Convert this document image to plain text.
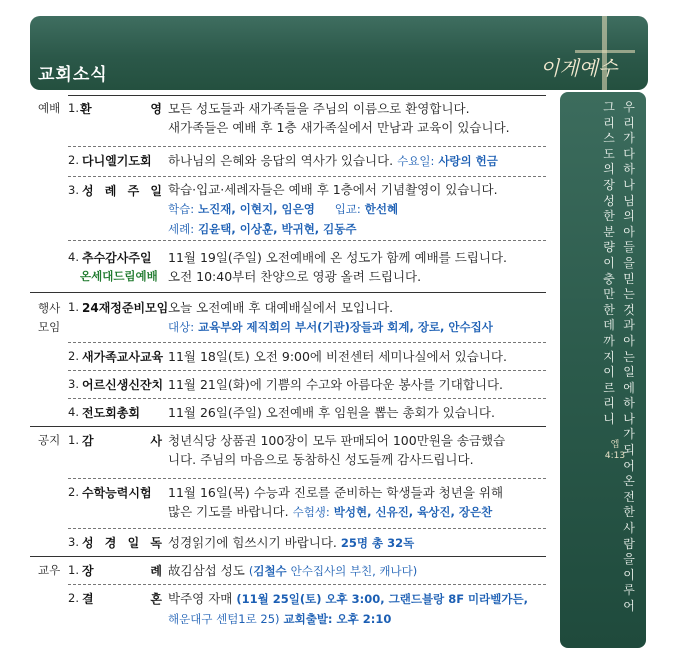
교회소식	이게예수
우리가다하나님의아들을믿는것과아는일에하나가되어온전한사람을이루어
그리스도의장성한분량이충만한데까지이르리니
엡4:13
예배
행사
모임
공지
교우
1. 환 영 모든 성도들과 새가족들을 주님의 이름으로 환영합니다.
새가족들은 예배 후 1층 새가족실에서 만남과 교육이 있습니다.
2. 다니엘기도회 하나님의 은혜와 응답의 역사가 있습니다. 수요일: 사랑의 헌금
3. 성 례 주 일 학습·입교·세례자들은 예배 후 1층에서 기념촬영이 있습니다.
학습: 노진재, 이현지, 임은영 입교: 한선혜
세례: 김윤택, 이상훈, 박귀현, 김동주
4. 추수감사주일
온세대드림예배
11월 19일(주일) 오전예배에 온 성도가 함께 예배를 드립니다.
오전 10:40부터 찬양으로 영광 올려 드립니다.
1. 24재정준비모임 오늘 오전예배 후 대예배실에서 모입니다.
대상: 교육부와 제직회의 부서(기관)장들과 회계, 장로, 안수집사
2. 새가족교사교육 11월 18일(토) 오전 9:00에 비전센터 세미나실에서 있습니다.
3. 어르신생신잔치 11월 21일(화)에 기쁨의 수고와 아름다운 봉사를 기대합니다.
4. 전도회총회	11월 26일(주일) 오전예배 후 임원을 뽑는 총회가 있습니다.
1. 감 사 청년식당 상품권 100장이 모두 판매되어 100만원을 송금했습
니다. 주님의 마음으로 동참하신 성도들께 감사드립니다.
2. 수학능력시험 11월 16일(목) 수능과 진로를 준비하는 학생들과 청년을 위해
많은 기도를 바랍니다. 수험생: 박성현, 신유진, 육상진, 장은찬
3. 성 경 일 독 성경읽기에 힘쓰시기 바랍니다. 25명 총 32독
1. 장 례 故김삼섭 성도 (김철수 안수집사의 부친, 캐나다)
2. 결 혼 박주영 자매 (11월 25일(토) 오후 3:00, 그랜드블랑 8F 미라벨가든,
해운대구 센텀1로 25) 교회출발: 오후 2:10
